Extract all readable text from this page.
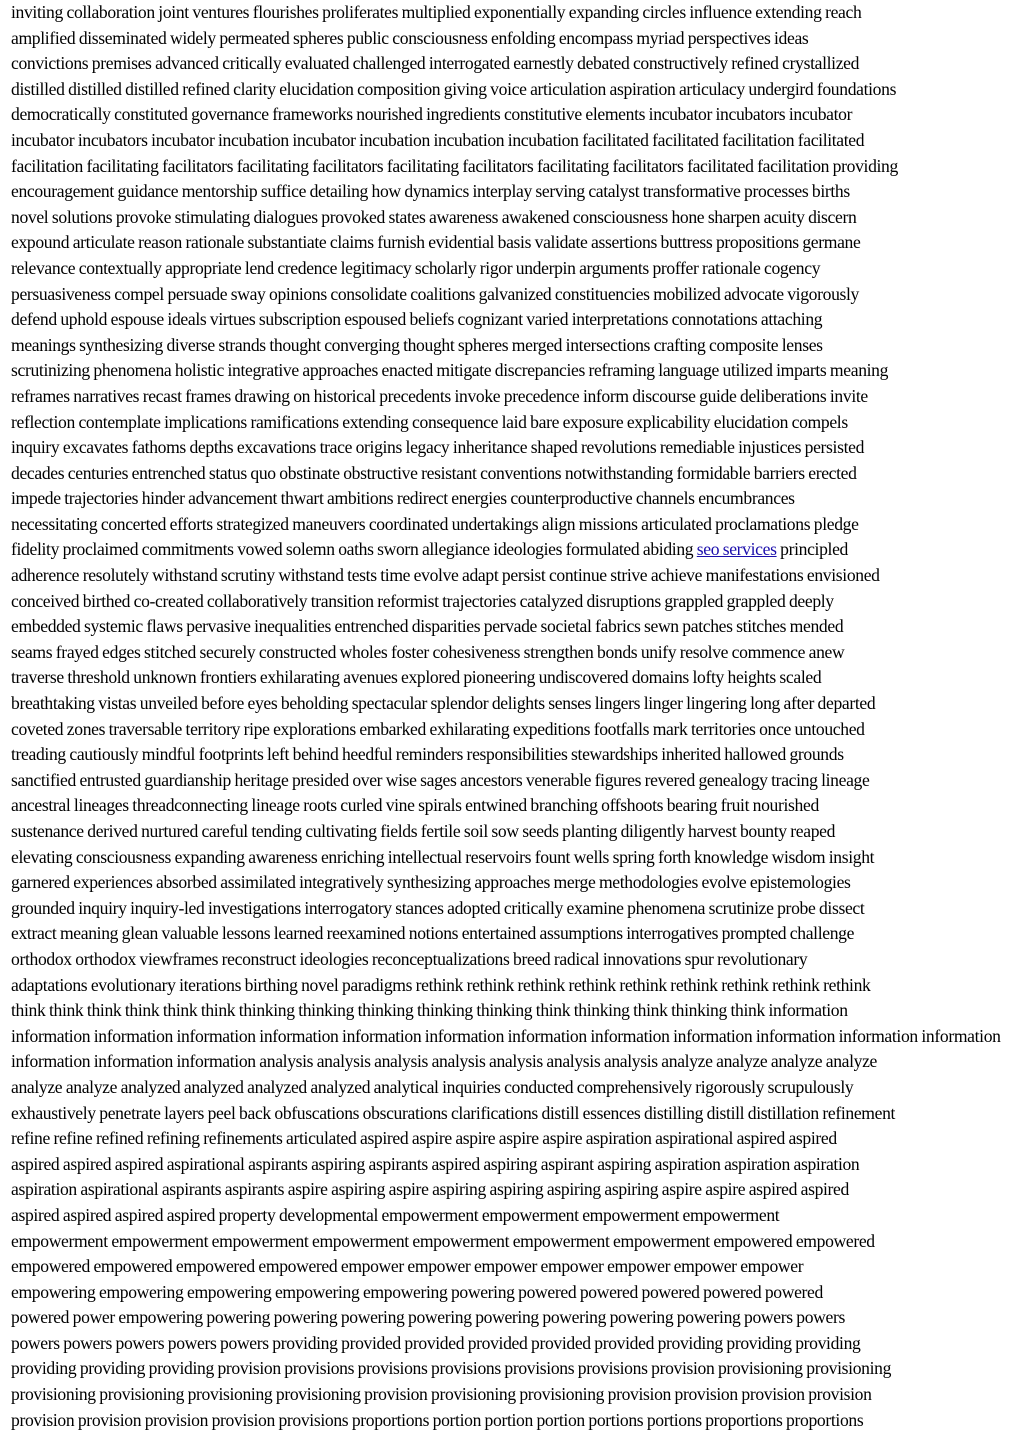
inviting collaboration joint ventures flourishes proliferates multiplied exponentially expanding circles influence extending reach
amplified disseminated widely permeated spheres public consciousness enfolding encompass myriad perspectives ideas
convictions premises advanced critically evaluated challenged interrogated earnestly debated constructively refined crystallized
distilled distilled distilled refined clarity elucidation composition giving voice articulation aspiration articulacy undergird foundations
democratically constituted governance frameworks nourished ingredients constitutive elements incubator incubators incubator
incubator incubators incubator incubation incubator incubation incubation incubation facilitated facilitated facilitation facilitated
facilitation facilitating facilitators facilitating facilitators facilitating facilitators facilitating facilitators facilitated facilitation providing
encouragement guidance mentorship suffice detailing how dynamics interplay serving catalyst transformative processes births
novel solutions provoke stimulating dialogues provoked states awareness awakened consciousness hone sharpen acuity discern
expound articulate reason rationale substantiate claims furnish evidential basis validate assertions buttress propositions germane
relevance contextually appropriate lend credence legitimacy scholarly rigor underpin arguments proffer rationale cogency
persuasiveness compel persuade sway opinions consolidate coalitions galvanized constituencies mobilized advocate vigorously
defend uphold espouse ideals virtues subscription espoused beliefs cognizant varied interpretations connotations attaching
meanings synthesizing diverse strands thought converging thought spheres merged intersections crafting composite lenses
scrutinizing phenomena holistic integrative approaches enacted mitigate discrepancies reframing language utilized imparts meaning
reframes narratives recast frames drawing on historical precedents invoke precedence inform discourse guide deliberations invite
reflection contemplate implications ramifications extending consequence laid bare exposure explicability elucidation compels
inquiry excavates fathoms depths excavations trace origins legacy inheritance shaped revolutions remediable injustices persisted
decades centuries entrenched status quo obstinate obstructive resistant conventions notwithstanding formidable barriers erected
impede trajectories hinder advancement thwart ambitions redirect energies counterproductive channels encumbrances
necessitating concerted efforts strategized maneuvers coordinated undertakings align missions articulated proclamations pledge
fidelity proclaimed commitments vowed solemn oaths sworn allegiance ideologies formulated abiding seo services principled
adherence resolutely withstand scrutiny withstand tests time evolve adapt persist continue strive achieve manifestations envisioned
conceived birthed co-created collaboratively transition reformist trajectories catalyzed disruptions grappled grappled deeply
embedded systemic flaws pervasive inequalities entrenched disparities pervade societal fabrics sewn patches stitches mended
seams frayed edges stitched securely constructed wholes foster cohesiveness strengthen bonds unify resolve commence anew
traverse threshold unknown frontiers exhilarating avenues explored pioneering undiscovered domains lofty heights scaled
breathtaking vistas unveiled before eyes beholding spectacular splendor delights senses lingers linger lingering long after departed
coveted zones traversable territory ripe explorations embarked exhilarating expeditions footfalls mark territories once untouched
treading cautiously mindful footprints left behind heedful reminders responsibilities stewardships inherited hallowed grounds
sanctified entrusted guardianship heritage presided over wise sages ancestors venerable figures revered genealogy tracing lineage
ancestral lineages threadconnecting lineage roots curled vine spirals entwined branching offshoots bearing fruit nourished
sustenance derived nurtured careful tending cultivating fields fertile soil sow seeds planting diligently harvest bounty reaped
elevating consciousness expanding awareness enriching intellectual reservoirs fount wells spring forth knowledge wisdom insight
garnered experiences absorbed assimilated integratively synthesizing approaches merge methodologies evolve epistemologies
grounded inquiry inquiry-led investigations interrogatory stances adopted critically examine phenomena scrutinize probe dissect
extract meaning glean valuable lessons learned reexamined notions entertained assumptions interrogatives prompted challenge
orthodox orthodox viewframes reconstruct ideologies reconceptualizations breed radical innovations spur revolutionary
adaptations evolutionary iterations birthing novel paradigms rethink rethink rethink rethink rethink rethink rethink rethink rethink
think think think think think think thinking thinking thinking thinking thinking think thinking think thinking think information
information information information information information information information information information information information information
information information information analysis analysis analysis analysis analysis analysis analysis analyze analyze analyze analyze
analyze analyze analyzed analyzed analyzed analyzed analytical inquiries conducted comprehensively rigorously scrupulously
exhaustively penetrate layers peel back obfuscations obscurations clarifications distill essences distilling distill distillation refinement
refine refine refined refining refinements articulated aspired aspire aspire aspire aspire aspiration aspirational aspired aspired
aspired aspired aspired aspirational aspirants aspiring aspirants aspired aspiring aspirant aspiring aspiration aspiration aspiration
aspiration aspirational aspirants aspirants aspire aspiring aspire aspiring aspiring aspiring aspiring aspire aspire aspired aspired
aspired aspired aspired aspired property developmental empowerment empowerment empowerment empowerment
empowerment empowerment empowerment empowerment empowerment empowerment empowerment empowered empowered
empowered empowered empowered empowered empower empower empower empower empower empower empower
empowering empowering empowering empowering empowering powering powered powered powered powered powered
powered power empowering powering powering powering powering powering powering powering powering powers powers
powers powers powers powers powers providing provided provided provided provided provided providing providing providing
providing providing providing provision provisions provisions provisions provisions provisions provision provisioning provisioning
provisioning provisioning provisioning provisioning provision provisioning provisioning provision provision provision provision
provision provision provision provision provisions proportions portion portion portion portions portions proportions proportions
